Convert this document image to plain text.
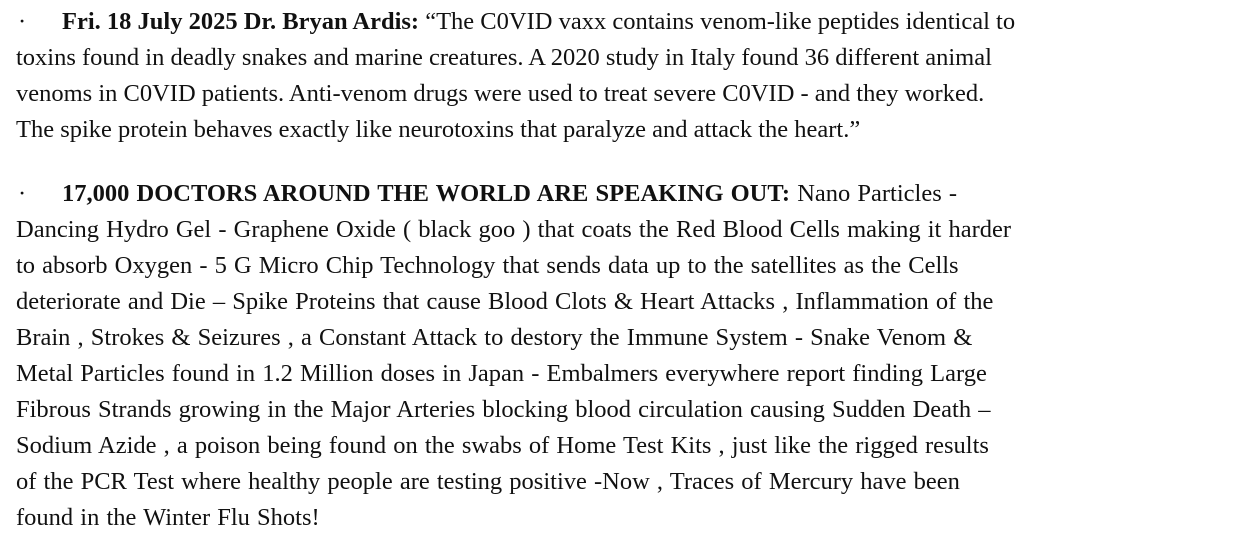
· Fri. 18 July 2025 Dr. Bryan Ardis: “The C0VID vaxx contains venom-like peptides identical to
toxins found in deadly snakes and marine creatures. A 2020 study in Italy found 36 different animal
venoms in C0VID patients. Anti-venom drugs were used to treat severe C0VID - and they worked.
The spike protein behaves exactly like neurotoxins that paralyze and attack the heart.”

· 17,000 DOCTORS AROUND THE WORLD ARE SPEAKING OUT: Nano Particles -
Dancing Hydro Gel - Graphene Oxide ( black goo ) that coats the Red Blood Cells making it harder
to absorb Oxygen - 5 G Micro Chip Technology that sends data up to the satellites as the Cells
deteriorate and Die – Spike Proteins that cause Blood Clots & Heart Attacks , Inflammation of the
Brain , Strokes & Seizures , a Constant Attack to destory the Immune System - Snake Venom &
Metal Particles found in 1.2 Million doses in Japan - Embalmers everywhere report finding Large
Fibrous Strands growing in the Major Arteries blocking blood circulation causing Sudden Death –
Sodium Azide , a poison being found on the swabs of Home Test Kits , just like the rigged results
of the PCR Test where healthy people are testing positive -Now , Traces of Mercury have been
found in the Winter Flu Shots!
